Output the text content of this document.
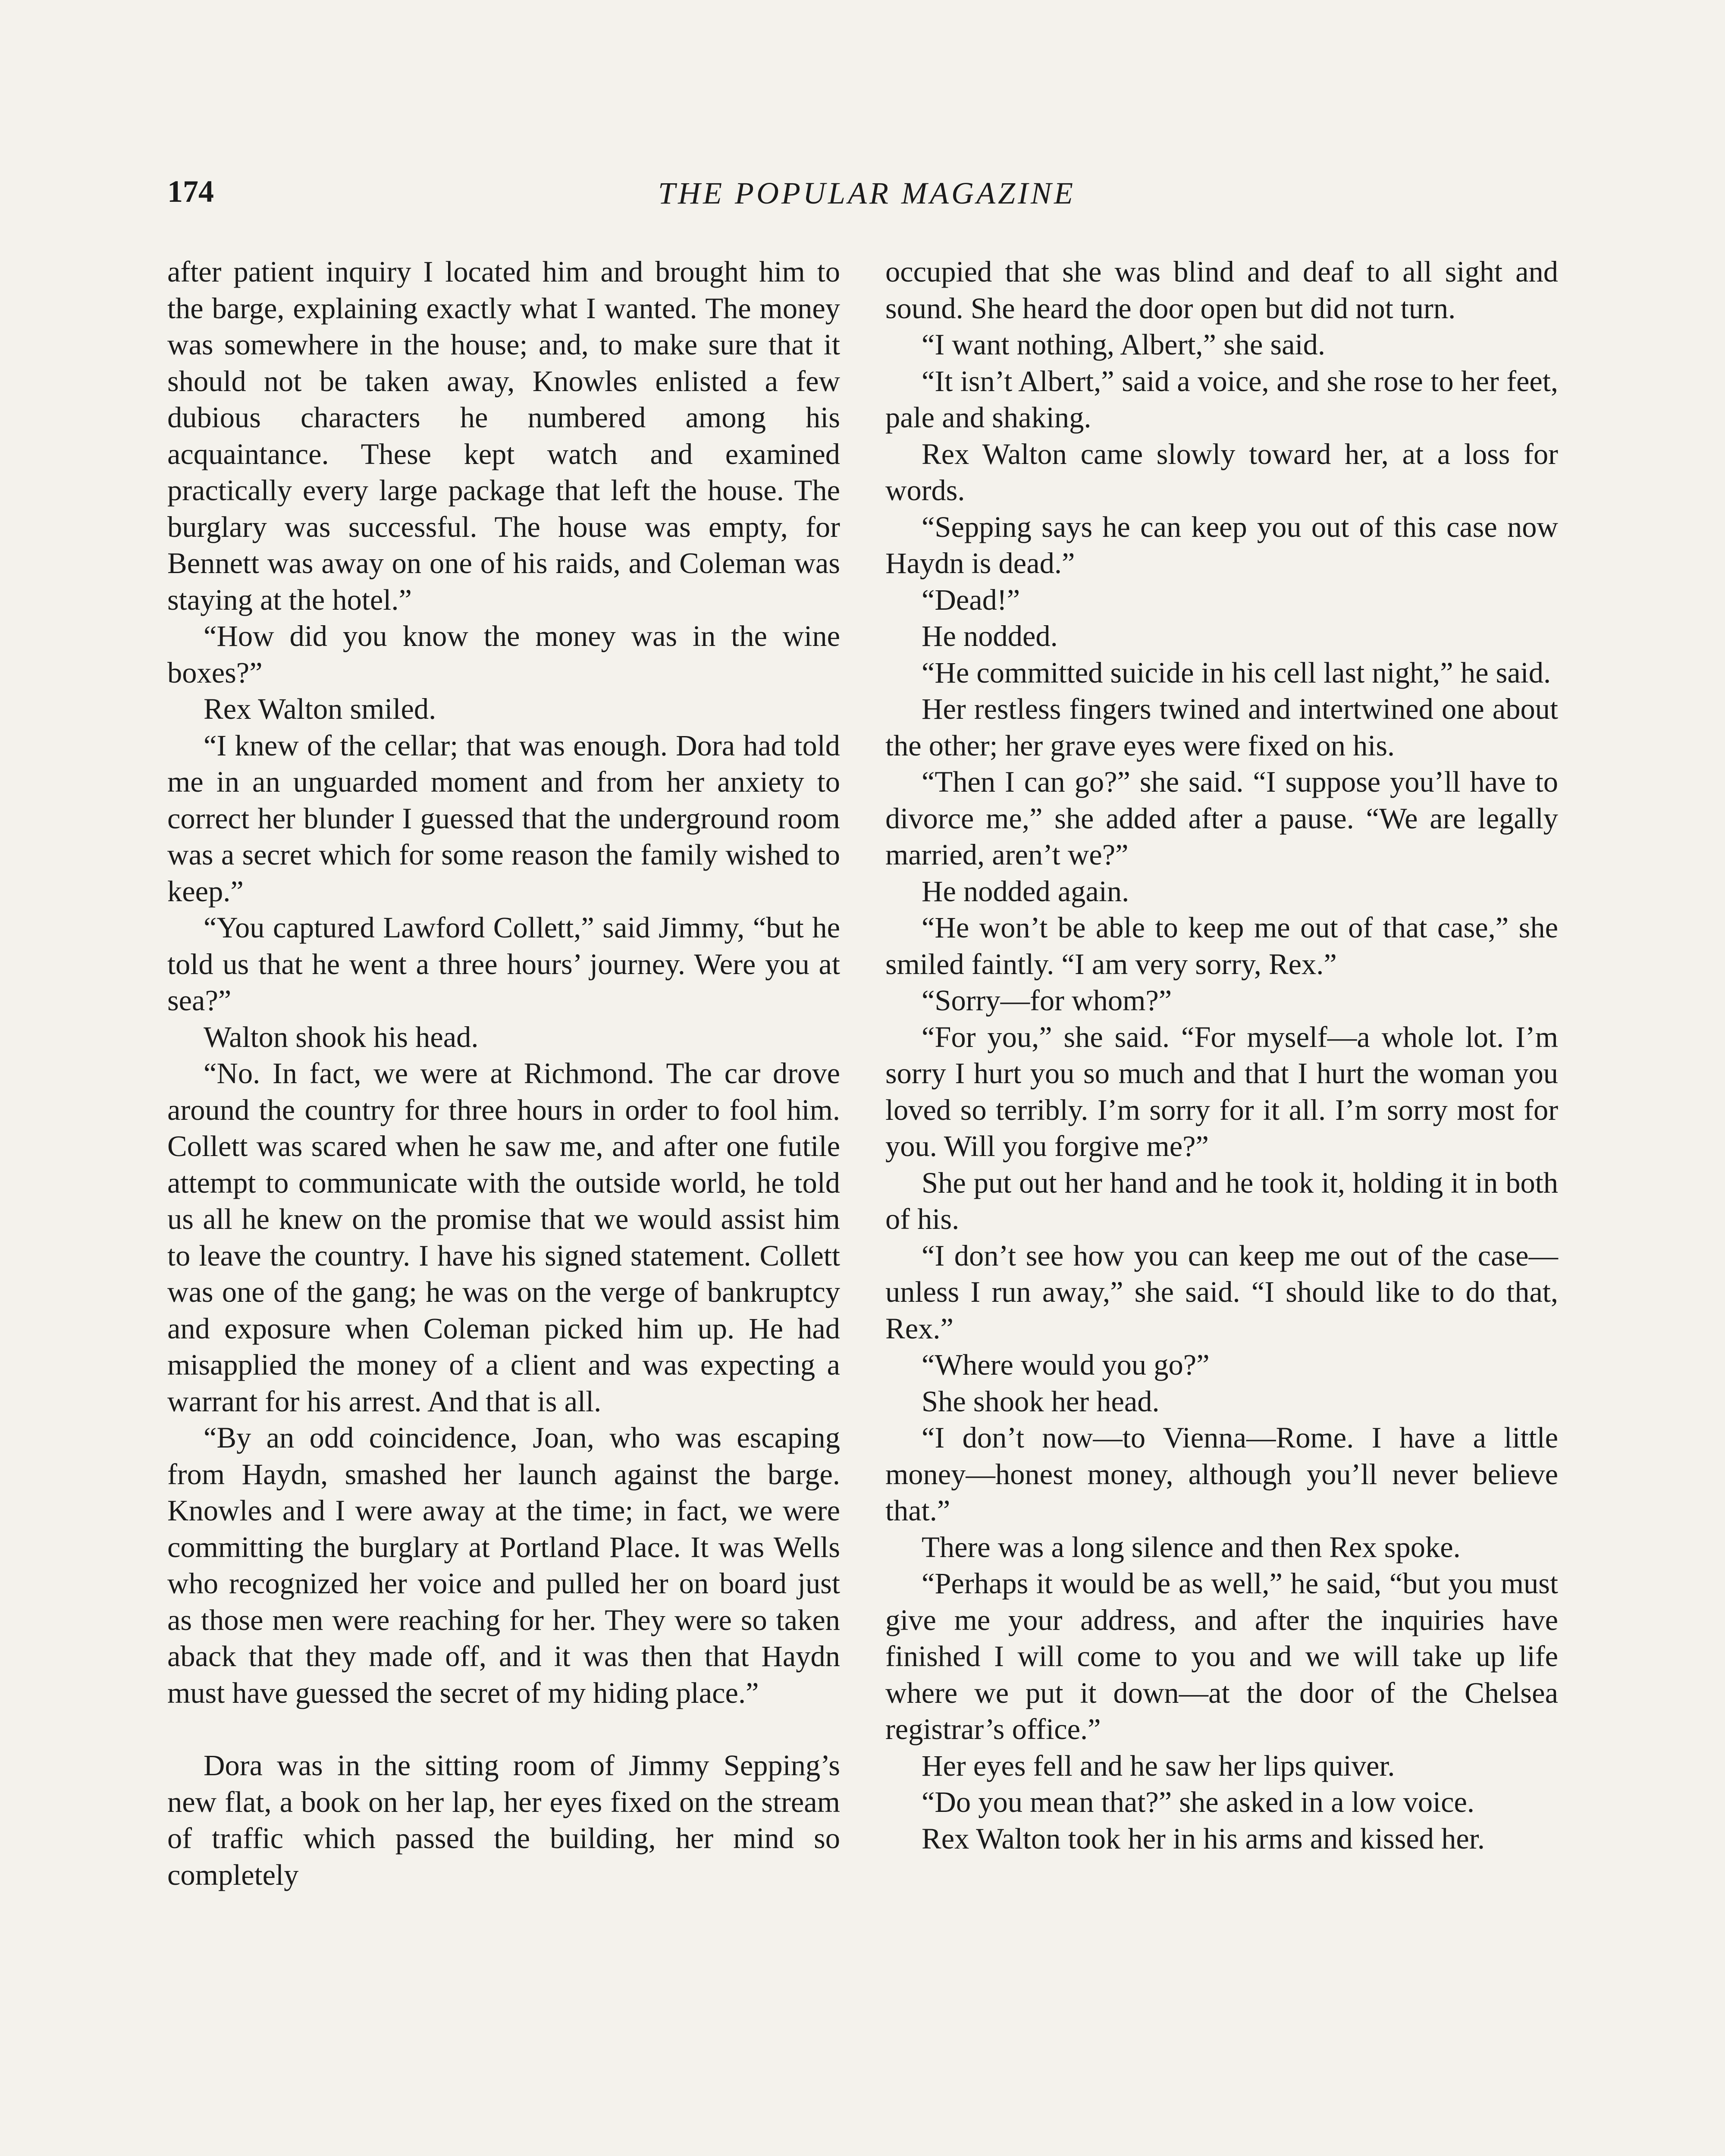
174	THE POPULAR MAGAZINE

after patient inquiry I located him and brought him to the barge, explaining exactly what I wanted. The money was somewhere in the house; and, to make sure that it should not be taken away, Knowles enlisted a few dubious characters he numbered among his acquaintance. These kept watch and examined practically every large package that left the house. The burglary was successful. The house was empty, for Bennett was away on one of his raids, and Coleman was staying at the hotel.”

“How did you know the money was in the wine boxes?”

Rex Walton smiled.

“I knew of the cellar; that was enough. Dora had told me in an unguarded moment and from her anxiety to correct her blunder I guessed that the underground room was a secret which for some reason the family wished to keep.”

“You captured Lawford Collett,” said Jimmy, “but he told us that he went a three hours’ journey. Were you at sea?”

Walton shook his head.

“No. In fact, we were at Richmond. The car drove around the country for three hours in order to fool him. Collett was scared when he saw me, and after one futile attempt to communicate with the outside world, he told us all he knew on the promise that we would assist him to leave the country. I have his signed statement. Collett was one of the gang; he was on the verge of bankruptcy and exposure when Coleman picked him up. He had misapplied the money of a client and was expecting a warrant for his arrest. And that is all.

“By an odd coincidence, Joan, who was escaping from Haydn, smashed her launch against the barge. Knowles and I were away at the time; in fact, we were committing the burglary at Portland Place. It was Wells who recognized her voice and pulled her on board just as those men were reaching for her. They were so taken aback that they made off, and it was then that Haydn must have guessed the secret of my hiding place.”

Dora was in the sitting room of Jimmy Sepping’s new flat, a book on her lap, her eyes fixed on the stream of traffic which passed the building, her mind so completely

occupied that she was blind and deaf to all sight and sound. She heard the door open but did not turn.

“I want nothing, Albert,” she said.

“It isn’t Albert,” said a voice, and she rose to her feet, pale and shaking.

Rex Walton came slowly toward her, at a loss for words.

“Sepping says he can keep you out of this case now Haydn is dead.”

“Dead!”

He nodded.

“He committed suicide in his cell last night,” he said.

Her restless fingers twined and intertwined one about the other; her grave eyes were fixed on his.

“Then I can go?” she said. “I suppose you’ll have to divorce me,” she added after a pause. “We are legally married, aren’t we?”

He nodded again.

“He won’t be able to keep me out of that case,” she smiled faintly. “I am very sorry, Rex.”

“Sorry—for whom?”

“For you,” she said. “For myself—a whole lot. I’m sorry I hurt you so much and that I hurt the woman you loved so terribly. I’m sorry for it all. I’m sorry most for you. Will you forgive me?”

She put out her hand and he took it, holding it in both of his.

“I don’t see how you can keep me out of the case—unless I run away,” she said. “I should like to do that, Rex.”

“Where would you go?”

She shook her head.

“I don’t now—to Vienna—Rome. I have a little money—honest money, although you’ll never believe that.”

There was a long silence and then Rex spoke.

“Perhaps it would be as well,” he said, “but you must give me your address, and after the inquiries have finished I will come to you and we will take up life where we put it down—at the door of the Chelsea registrar’s office.”

Her eyes fell and he saw her lips quiver.

“Do you mean that?” she asked in a low voice.

Rex Walton took her in his arms and kissed her.
